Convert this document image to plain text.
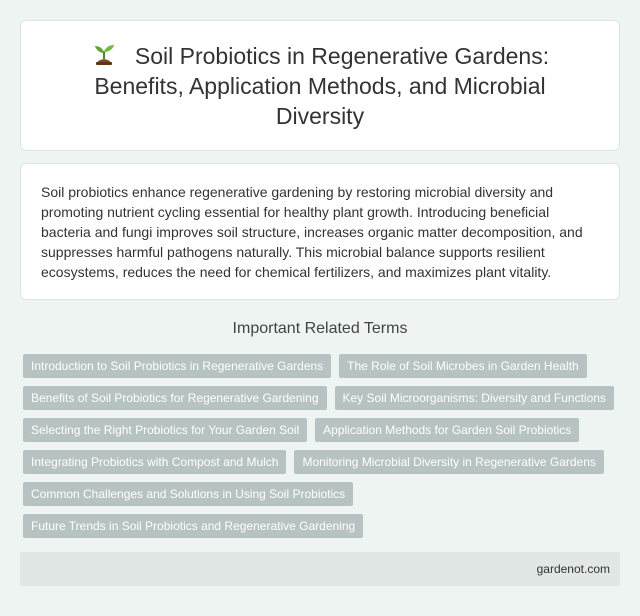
Soil Probiotics in Regenerative Gardens: Benefits, Application Methods, and Microbial Diversity

Soil probiotics enhance regenerative gardening by restoring microbial diversity and promoting nutrient cycling essential for healthy plant growth. Introducing beneficial bacteria and fungi improves soil structure, increases organic matter decomposition, and suppresses harmful pathogens naturally. This microbial balance supports resilient ecosystems, reduces the need for chemical fertilizers, and maximizes plant vitality.

Important Related Terms
Introduction to Soil Probiotics in Regenerative Gardens	The Role of Soil Microbes in Garden Health
Benefits of Soil Probiotics for Regenerative Gardening	Key Soil Microorganisms: Diversity and Functions
Selecting the Right Probiotics for Your Garden Soil	Application Methods for Garden Soil Probiotics
Integrating Probiotics with Compost and Mulch	Monitoring Microbial Diversity in Regenerative Gardens
Common Challenges and Solutions in Using Soil Probiotics
Future Trends in Soil Probiotics and Regenerative Gardening
gardenot.com
